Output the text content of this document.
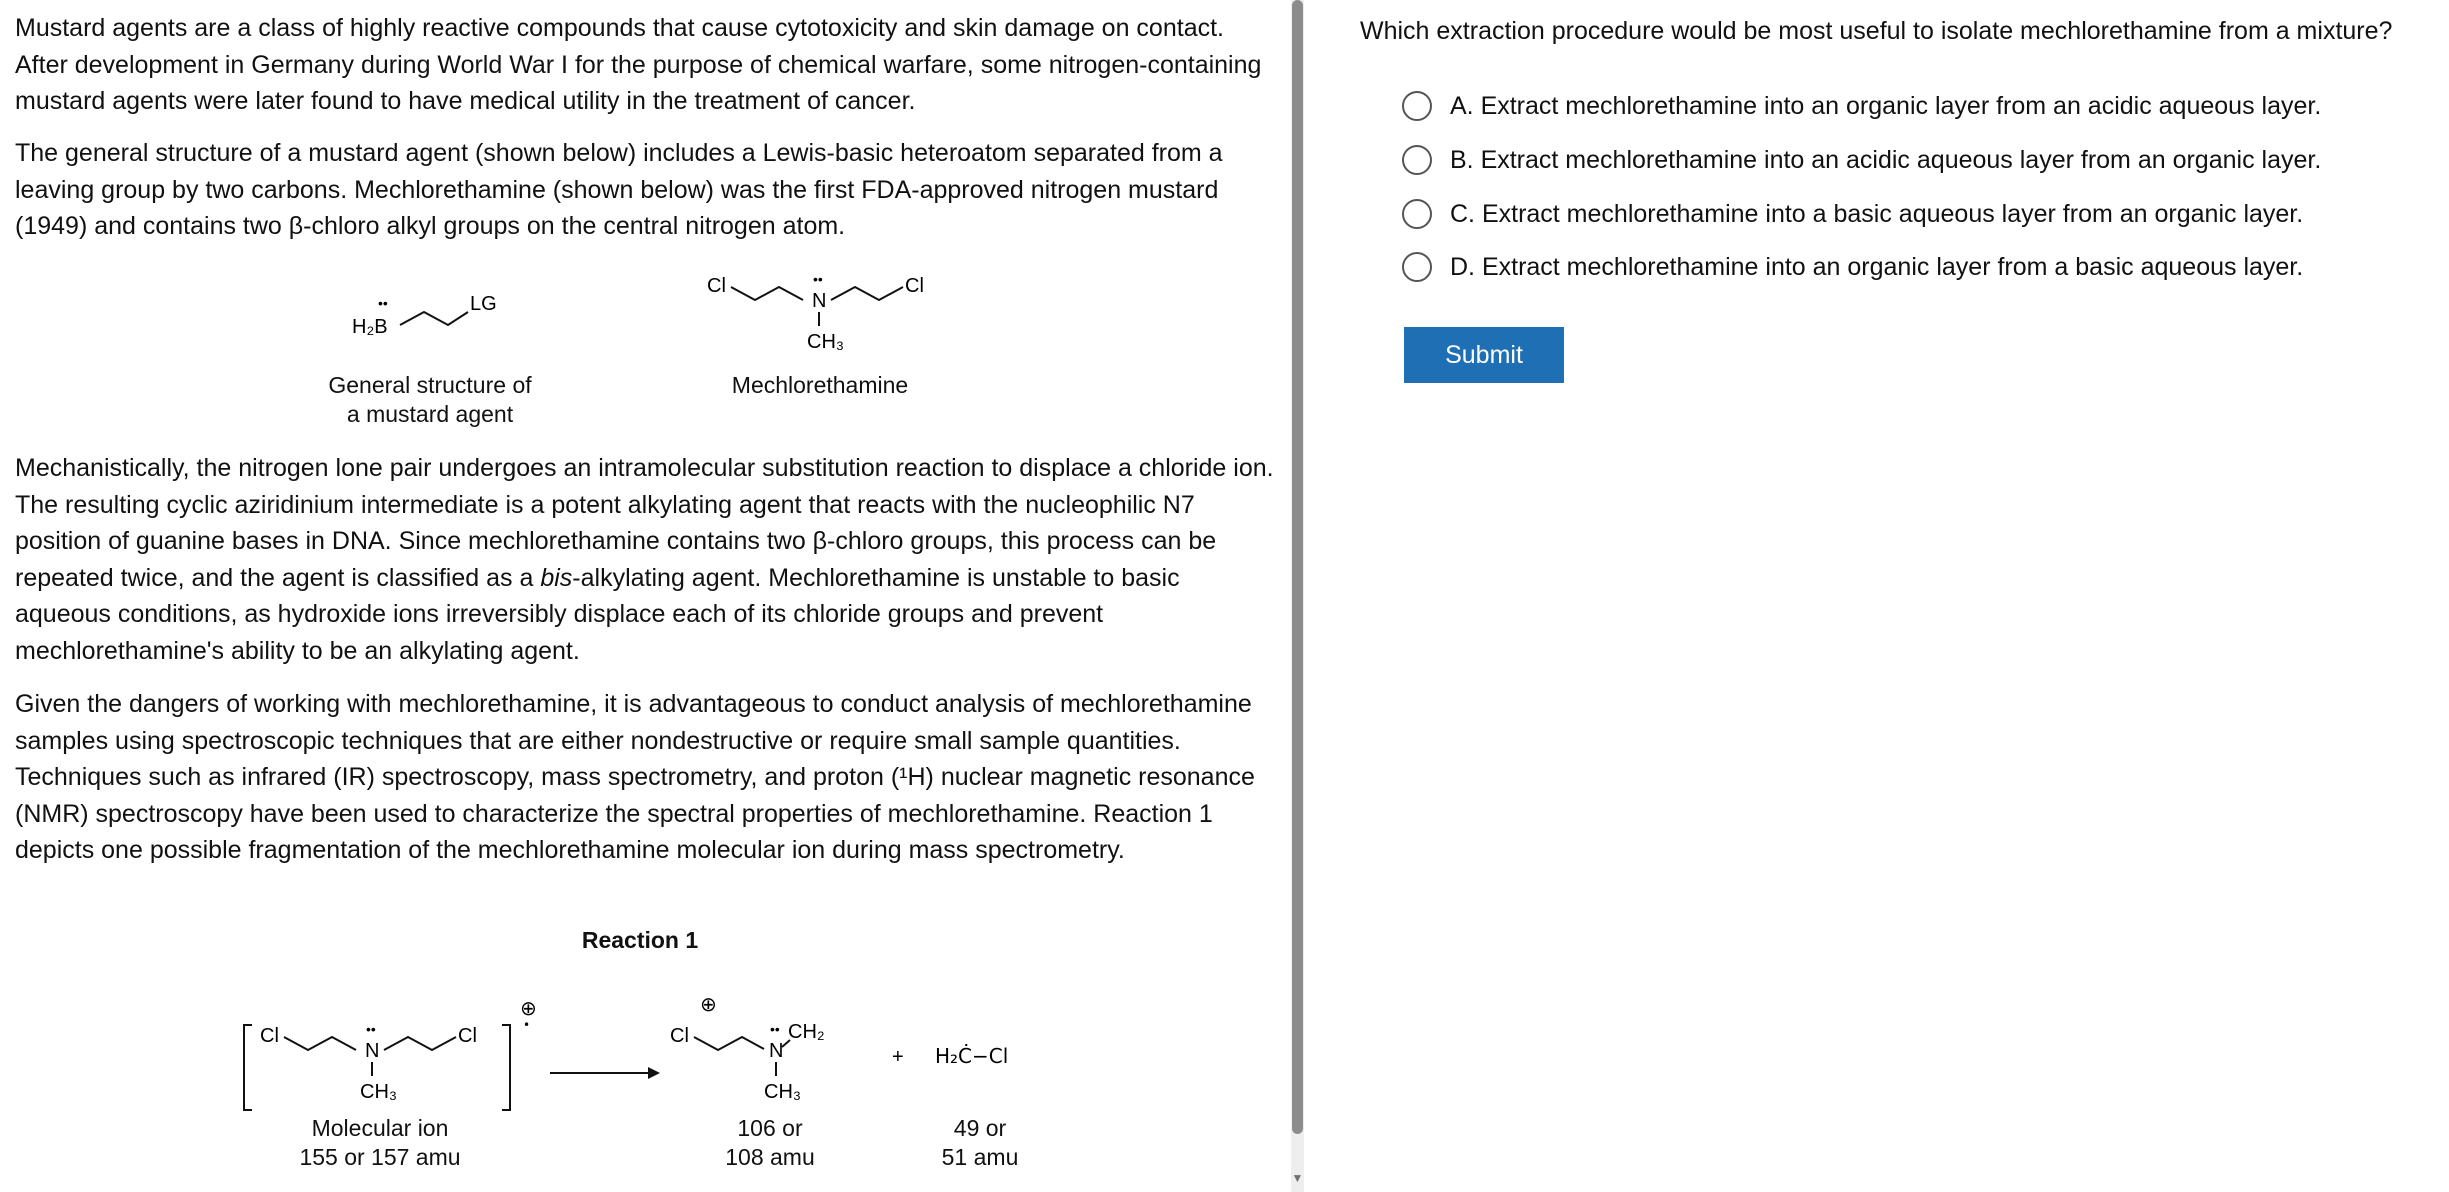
Mustard agents are a class of highly reactive compounds that cause cytotoxicity and skin damage on contact. After development in Germany during World War I for the purpose of chemical warfare, some nitrogen-containing mustard agents were later found to have medical utility in the treatment of cancer.

The general structure of a mustard agent (shown below) includes a Lewis-basic heteroatom separated from a leaving group by two carbons. Mechlorethamine (shown below) was the first FDA-approved nitrogen mustard (1949) and contains two β-chloro alkyl groups on the central nitrogen atom.

H₂B
••	LG
General structure of
a mustard agent
Cl	••
N
Cl
CH₃
Mechlorethamine

Mechanistically, the nitrogen lone pair undergoes an intramolecular substitution reaction to displace a chloride ion. The resulting cyclic aziridinium intermediate is a potent alkylating agent that reacts with the nucleophilic N7 position of guanine bases in DNA. Since mechlorethamine contains two β-chloro groups, this process can be repeated twice, and the agent is classified as a bis-alkylating agent. Mechlorethamine is unstable to basic aqueous conditions, as hydroxide ions irreversibly displace each of its chloride groups and prevent mechlorethamine's ability to be an alkylating agent.

Given the dangers of working with mechlorethamine, it is advantageous to conduct analysis of mechlorethamine samples using spectroscopic techniques that are either nondestructive or require small sample quantities. Techniques such as infrared (IR) spectroscopy, mass spectrometry, and proton (¹H) nuclear magnetic resonance (NMR) spectroscopy have been used to characterize the spectral properties of mechlorethamine. Reaction 1 depicts one possible fragmentation of the mechlorethamine molecular ion during mass spectrometry.

Reaction 1
⊕
•
Cl	••
N
Cl
CH₃
⊕
Cl	••
N
CH₂
CH₃
+ H₂Ċ−Cl
Molecular ion
155 or 157 amu
106 or
108 amu
49 or
51 amu
▼

Which extraction procedure would be most useful to isolate mechlorethamine from a mixture?

A. Extract mechlorethamine into an organic layer from an acidic aqueous layer.
B. Extract mechlorethamine into an acidic aqueous layer from an organic layer.
C. Extract mechlorethamine into a basic aqueous layer from an organic layer.
D. Extract mechlorethamine into an organic layer from a basic aqueous layer.
Submit
